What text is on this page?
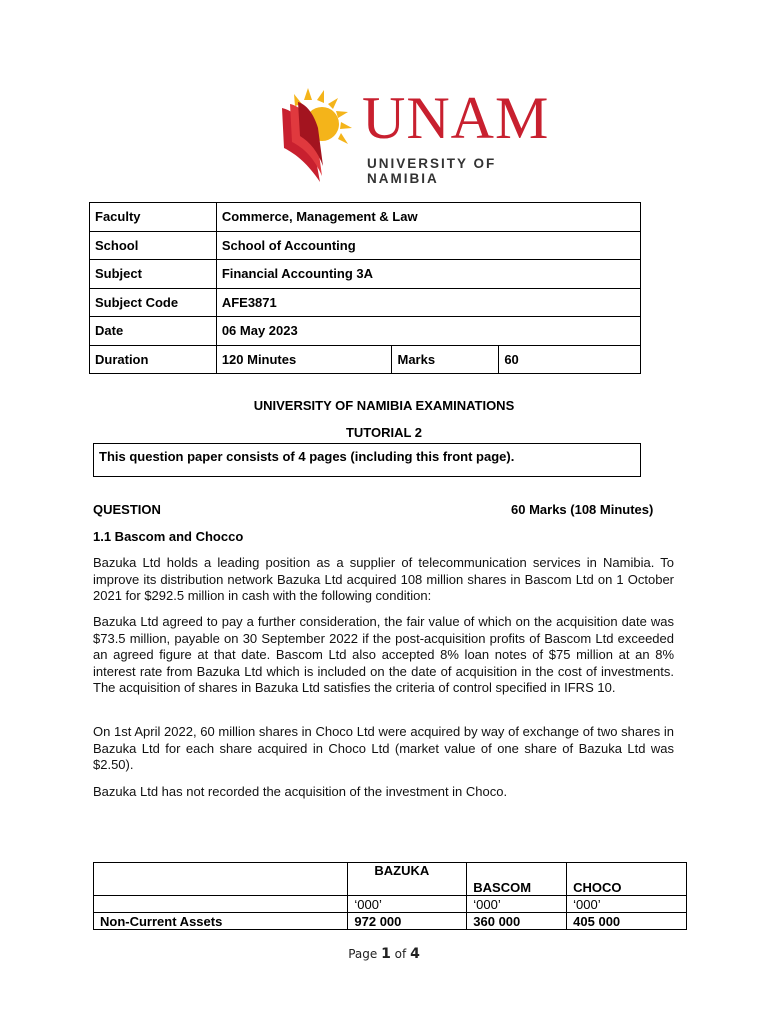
UNAM
UNIVERSITY OF NAMIBIA
Faculty	Commerce, Management & Law		
School	School of Accounting		
Subject	Financial Accounting 3A		
Subject Code	AFE3871		
Date	06 May 2023		
Duration	120 Minutes	Marks	60
UNIVERSITY OF NAMIBIA EXAMINATIONS
TUTORIAL 2
This question paper consists of 4 pages (including this front page).
QUESTION	60 Marks (108 Minutes)
1.1 Bascom and Chocco

Bazuka Ltd holds a leading position as a supplier of telecommunication services in Namibia. To improve its distribution network Bazuka Ltd acquired 108 million shares in Bascom Ltd on 1 October 2021 for $292.5 million in cash with the following condition:

Bazuka Ltd agreed to pay a further consideration, the fair value of which on the acquisition date was $73.5 million, payable on 30 September 2022 if the post-acquisition profits of Bascom Ltd exceeded an agreed figure at that date. Bascom Ltd also accepted 8% loan notes of $75 million at an 8% interest rate from Bazuka Ltd which is included on the date of acquisition in the cost of investments. The acquisition of shares in Bazuka Ltd satisfies the criteria of control specified in IFRS 10.

On 1st April 2022, 60 million shares in Choco Ltd were acquired by way of exchange of two shares in Bazuka Ltd for each share acquired in Choco Ltd (market value of one share of Bazuka Ltd was $2.50).

Bazuka Ltd has not recorded the acquisition of the investment in Choco.

	BAZUKA	BASCOM	CHOCO
	‘000’	‘000’	‘000’
Non-Current Assets	972 000	360 000	405 000
Page 1 of 4
